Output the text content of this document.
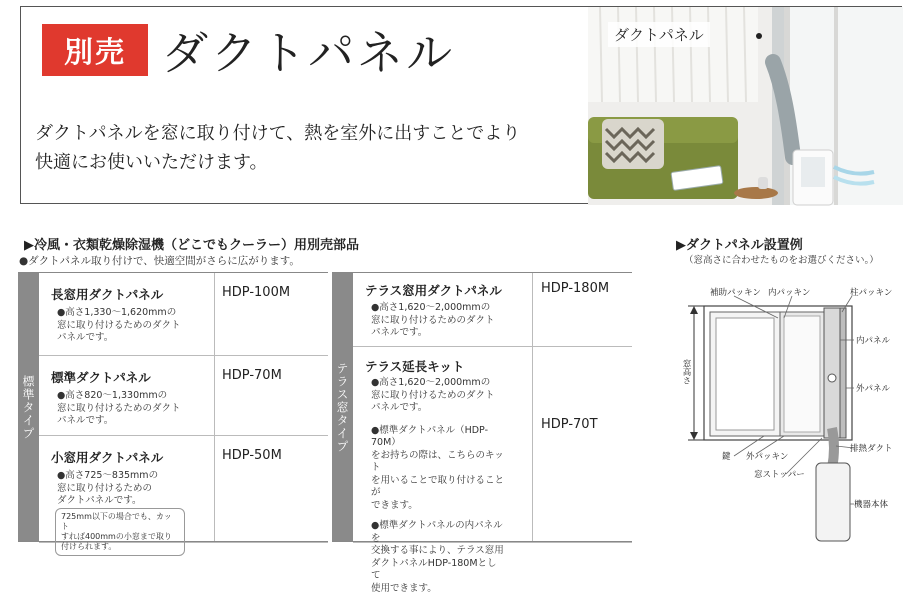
別売 ダクトパネル
ダクトパネルを窓に取り付けて、熱を室外に出すことでより
快適にお使いいただけます。
ダクトパネル
▶冷風・衣類乾燥除湿機（どこでもクーラー）用別売部品
●ダクトパネル取り付けで、快適空間がさらに広がります。
標準タイプ
長窓用ダクトパネル	HDP-100M
●高さ1,330〜1,620mmの
窓に取り付けるためのダクト
パネルです。
標準ダクトパネル	HDP-70M
●高さ820〜1,330mmの
窓に取り付けるためのダクト
パネルです。
小窓用ダクトパネル	HDP-50M
●高さ725〜835mmの
窓に取り付けるための
ダクトパネルです。
725mm以下の場合でも、カット
すれば400mmの小窓まで取り
付けられます。
テラス窓タイプ
テラス窓用ダクトパネル	HDP-180M
●高さ1,620〜2,000mmの
窓に取り付けるためのダクト
パネルです。
テラス延長キット
HDP-70T
●高さ1,620〜2,000mmの
窓に取り付けるためのダクト
パネルです。
●標準ダクトパネル（HDP-70M）
をお持ちの際は、こちらのキット
を用いることで取り付けることが
できます。
●標準ダクトパネルの内パネルを
交換する事により、テラス窓用
ダクトパネルHDP-180Mとして
使用できます。
▶ダクトパネル設置例
（窓高さに合わせたものをお選びください。）
補助パッキン 内パッキン	柱パッキン
内パネル
外パネル
排熱ダクト
鍵 外パッキン
窓ストッパー
機器本体
窓高さ
